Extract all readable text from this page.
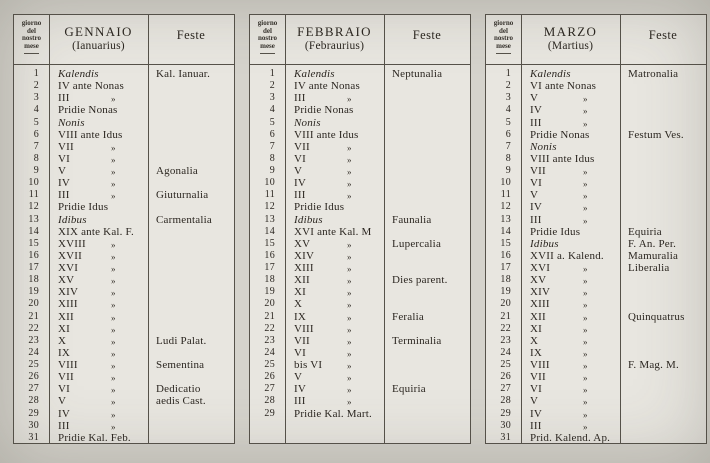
giorno
del
nostro
mese
GENNAIO
(Ianuarius)
Feste
1	Kalendis	Kal. Ianuar.
2	IV ante Nonas
3	III	»
4	Pridie Nonas
5	Nonis
6	VIII ante Idus
7	VII	»
8	VI	»
9	V	»	Agonalia
10	IV	»
11	III	»	Giuturnalia
12	Pridie Idus
13	Idibus	Carmentalia
14	XIX ante Kal. F.
15	XVIII	»
16	XVII	»
17	XVI	»
18	XV	»
19	XIV	»
20	XIII	»
21	XII	»
22	XI	»
23	X	»	Ludi Palat.
24	IX	»
25	VIII	»	Sementina
26	VII	»
27	VI	»	Dedicatio
28	V	»	aedis Cast.
29	IV	»
30	III	»
31	Pridie Kal. Feb.
giorno
del
nostro
mese
FEBBRAIO
(Febraurius)
Feste
1	Kalendis	Neptunalia
2	IV ante Nonas
3	III	»
4	Pridie Nonas
5	Nonis
6	VIII ante Idus
7	VII	»
8	VI	»
9	V	»
10	IV	»
11	III	»
12	Pridie Idus
13	Idibus	Faunalia
14	XVI ante Kal. M
15	XV	»	Lupercalia
16	XIV	»
17	XIII	»
18	XII	»	Dies parent.
19	XI	»
20	X	»
21	IX	»	Feralia
22	VIII	»
23	VII	»	Terminalia
24	VI	»
25	bis VI	»
26	V	»
27	IV	»	Equiria
28	III	»
29	Pridie Kal. Mart.
giorno
del
nostro
mese
MARZO
(Martius)
Feste
1	Kalendis	Matronalia
2	VI ante Nonas
3	V	»
4	IV	»
5	III	»
6	Pridie Nonas	Festum Ves.
7	Nonis
8	VIII ante Idus
9	VII	»
10	VI	»
11	V	»
12	IV	»
13	III	»
14	Pridie Idus	Equiria
15	Idibus	F. An. Per.
16	XVII a. Kalend.	Mamuralia
17	XVI	»	Liberalia
18	XV	»
19	XIV	»
20	XIII	»
21	XII	»	Quinquatrus
22	XI	»
23	X	»
24	IX	»
25	VIII	»	F. Mag. M.
26	VII	»
27	VI	»
28	V	»
29	IV	»
30	III	»
31	Prid. Kalend. Ap.
